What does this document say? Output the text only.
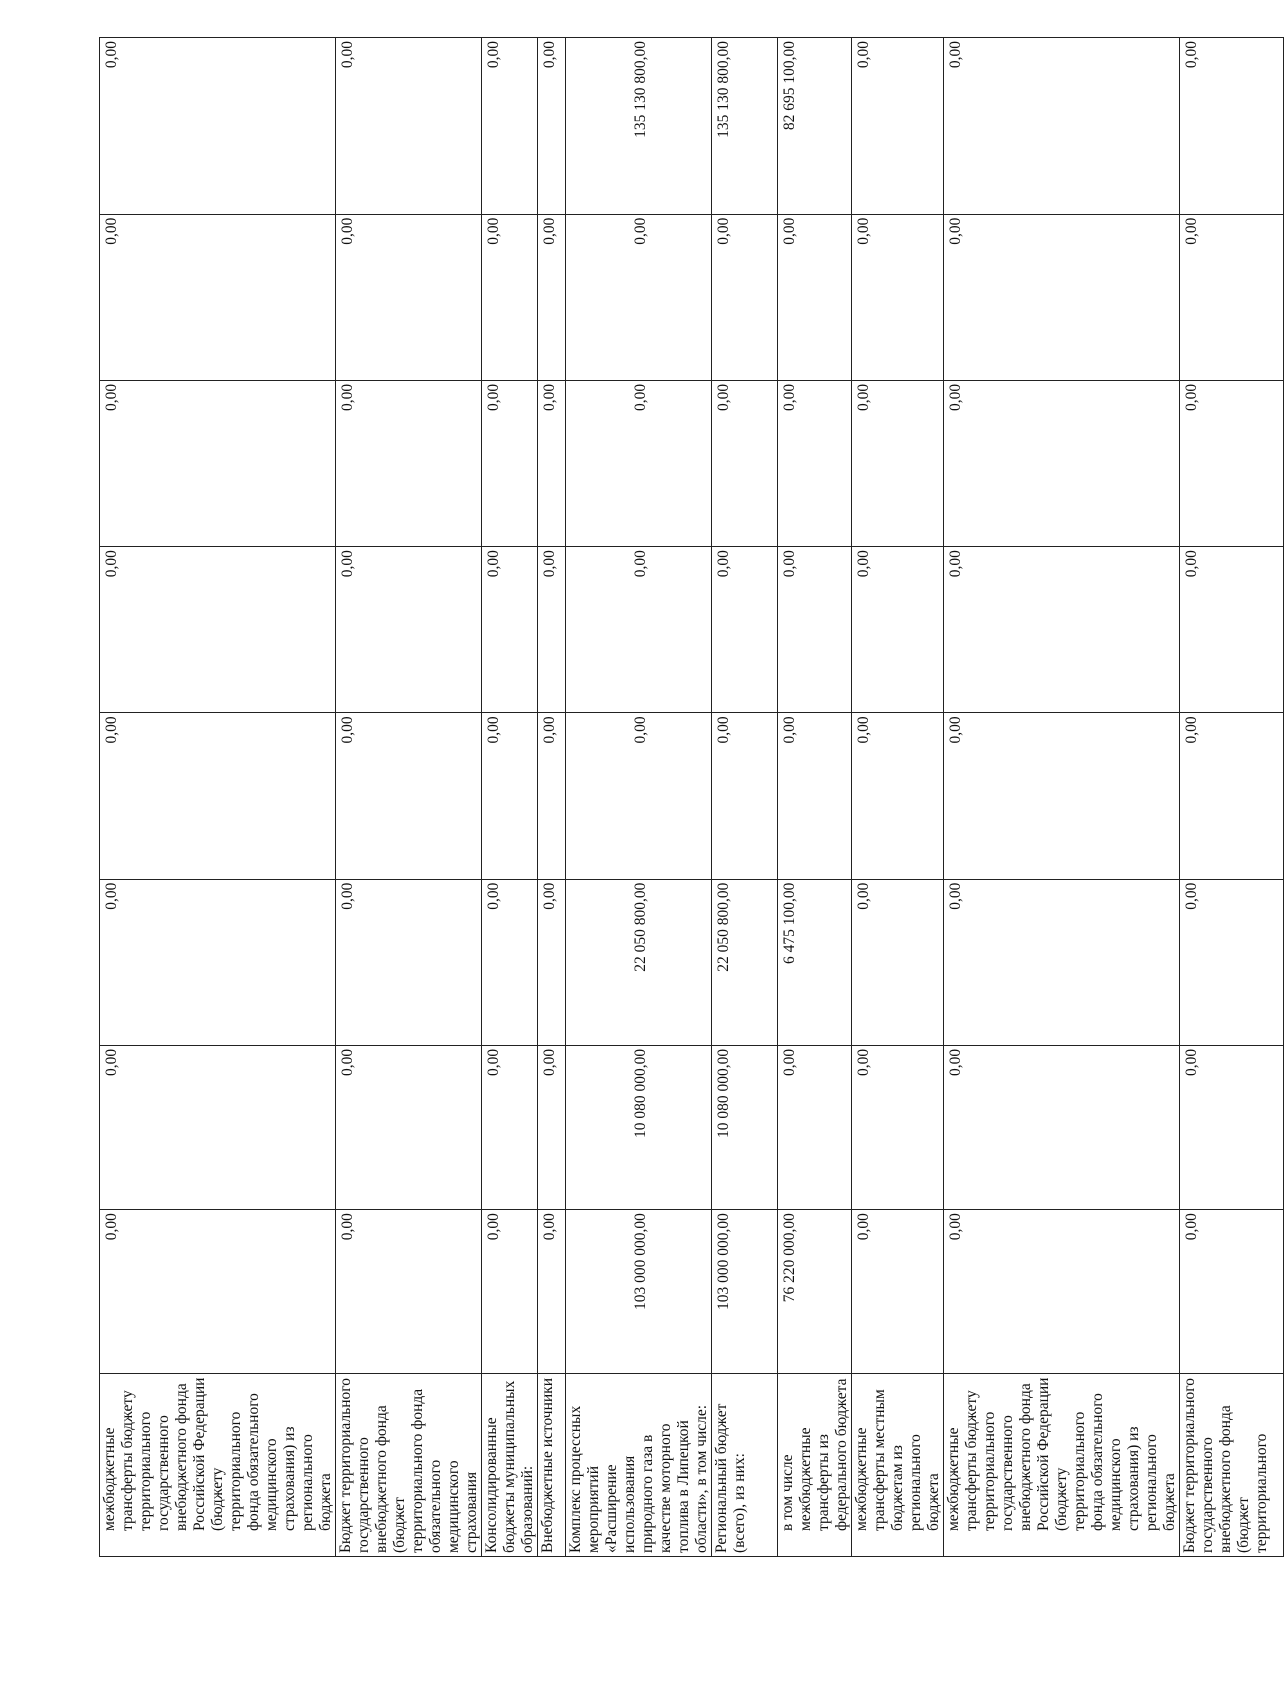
межбюджетные трансферты бюджету территориального государственного внебюджетного фонда Российской Федерации (бюджету территориального фонда обязательного медицинского страхования) из регионального бюджета	0,00	0,00	0,00	0,00	0,00	0,00	0,00	0,00
Бюджет территориального государственного внебюджетного фонда (бюджет территориального фонда обязательного медицинского страхования	0,00	0,00	0,00	0,00	0,00	0,00	0,00	0,00
Консолидированные бюджеты муниципальных образований:	0,00	0,00	0,00	0,00	0,00	0,00	0,00	0,00
Внебюджетные источники	0,00	0,00	0,00	0,00	0,00	0,00	0,00	0,00
Комплекс процессных мероприятий «Расширение использования природного газа в качестве моторного топлива в Липецкой области», в том числе:	103 000 000,00	10 080 000,00	22 050 800,00	0,00	0,00	0,00	0,00	135 130 800,00
Региональный бюджет (всего), из них:	103 000 000,00	10 080 000,00	22 050 800,00	0,00	0,00	0,00	0,00	135 130 800,00

в том числе межбюджетные трансферты из федерального бюджета	76 220 000,00	0,00	6 475 100,00	0,00	0,00	0,00	0,00	82 695 100,00

межбюджетные трансферты местным бюджетам из регионального бюджета	0,00	0,00	0,00	0,00	0,00	0,00	0,00	0,00

межбюджетные трансферты бюджету территориального государственного внебюджетного фонда Российской Федерации (бюджету территориального фонда обязательного медицинского страхования) из регионального бюджета	0,00	0,00	0,00	0,00	0,00	0,00	0,00	0,00
Бюджет территориального государственного внебюджетного фонда (бюджет территориального	0,00	0,00	0,00	0,00	0,00	0,00	0,00	0,00
